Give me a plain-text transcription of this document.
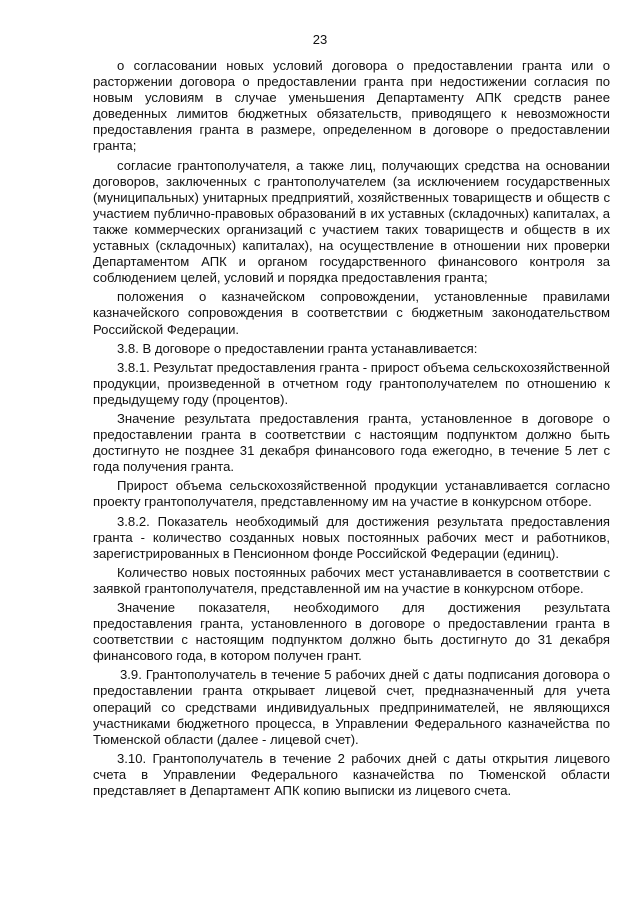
23

о согласовании новых условий договора о предоставлении гранта или о расторжении договора о предоставлении гранта при недостижении согласия по новым условиям в случае уменьшения Департаменту АПК средств ранее доведенных лимитов бюджетных обязательств, приводящего к невозможности предоставления гранта в размере, определенном в договоре о предоставлении гранта;

согласие грантополучателя, а также лиц, получающих средства на основании договоров, заключенных с грантополучателем (за исключением государственных (муниципальных) унитарных предприятий, хозяйственных товариществ и обществ с участием публично-правовых образований в их уставных (складочных) капиталах, а также коммерческих организаций с участием таких товариществ и обществ в их уставных (складочных) капиталах), на осуществление в отношении них проверки Департаментом АПК и органом государственного финансового контроля за соблюдением целей, условий и порядка предоставления гранта;

положения о казначейском сопровождении, установленные правилами казначейского сопровождения в соответствии с бюджетным законодательством Российской Федерации.

3.8. В договоре о предоставлении гранта устанавливается:

3.8.1. Результат предоставления гранта - прирост объема сельскохозяйственной продукции, произведенной в отчетном году грантополучателем по отношению к предыдущему году (процентов).

Значение результата предоставления гранта, установленное в договоре о предоставлении гранта в соответствии с настоящим подпунктом должно быть достигнуто не позднее 31 декабря финансового года ежегодно, в течение 5 лет с года получения гранта.

Прирост объема сельскохозяйственной продукции устанавливается согласно проекту грантополучателя, представленному им на участие в конкурсном отборе.

3.8.2. Показатель необходимый для достижения результата предоставления гранта - количество созданных новых постоянных рабочих мест и работников, зарегистрированных в Пенсионном фонде Российской Федерации (единиц).

Количество новых постоянных рабочих мест устанавливается в соответствии с заявкой грантополучателя, представленной им на участие в конкурсном отборе.

Значение показателя, необходимого для достижения результата предоставления гранта, установленного в договоре о предоставлении гранта в соответствии с настоящим подпунктом должно быть достигнуто до 31 декабря финансового года, в котором получен грант.

3.9. Грантополучатель в течение 5 рабочих дней с даты подписания договора о предоставлении гранта открывает лицевой счет, предназначенный для учета операций со средствами индивидуальных предпринимателей, не являющихся участниками бюджетного процесса, в Управлении Федерального казначейства по Тюменской области (далее - лицевой счет).

3.10. Грантополучатель в течение 2 рабочих дней с даты открытия лицевого счета в Управлении Федерального казначейства по Тюменской области представляет в Департамент АПК копию выписки из лицевого счета.
